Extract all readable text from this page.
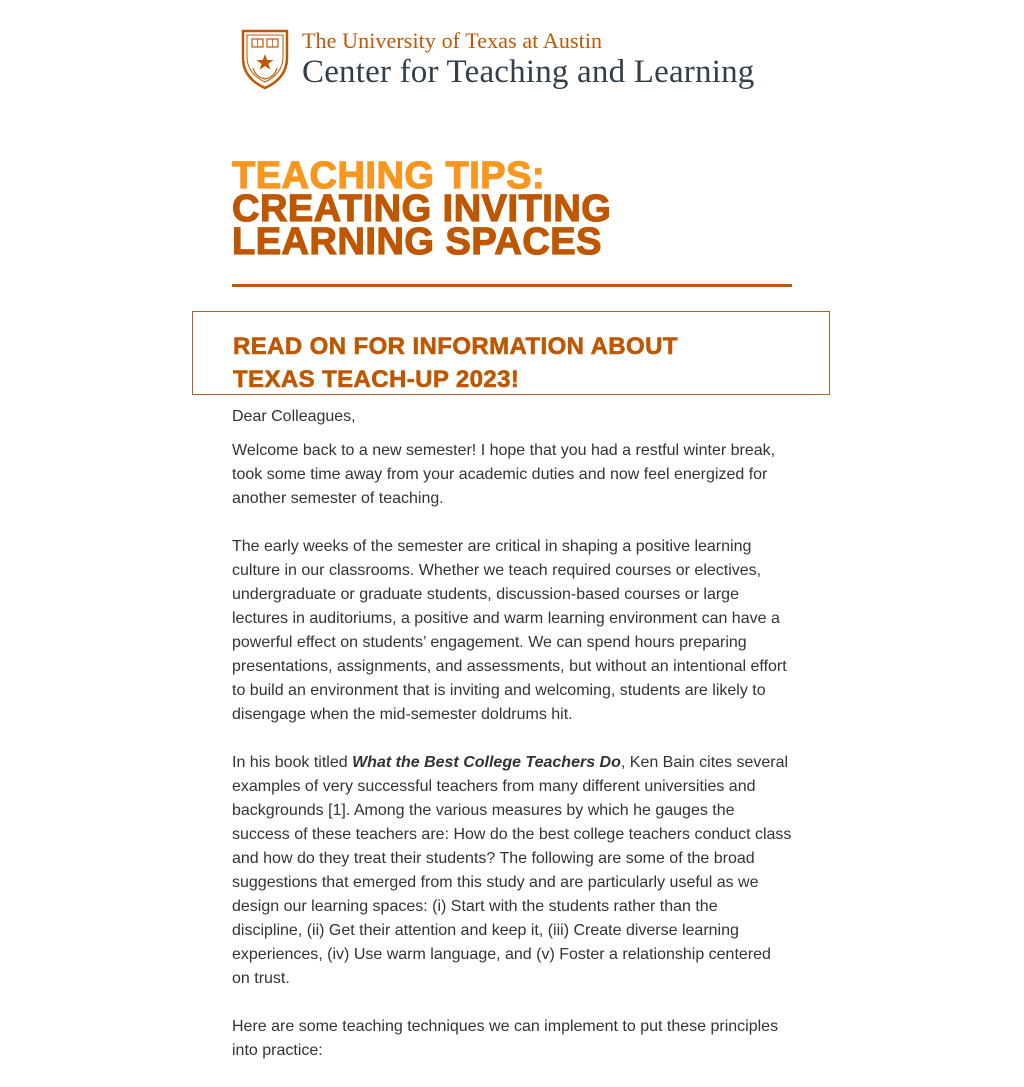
The University of Texas at Austin
Center for Teaching and Learning
TEACHING TIPS:
CREATING INVITING
LEARNING SPACES
READ ON FOR INFORMATION ABOUT
TEXAS TEACH-UP 2023!

Dear Colleagues,

Welcome back to a new semester! I hope that you had a restful winter break, took some time away from your academic duties and now feel energized for another semester of teaching.

The early weeks of the semester are critical in shaping a positive learning culture in our classrooms. Whether we teach required courses or electives, undergraduate or graduate students, discussion-based courses or large lectures in auditoriums, a positive and warm learning environment can have a powerful effect on students’ engagement. We can spend hours preparing presentations, assignments, and assessments, but without an intentional effort to build an environment that is inviting and welcoming, students are likely to disengage when the mid-semester doldrums hit.

In his book titled What the Best College Teachers Do, Ken Bain cites several examples of very successful teachers from many different universities and backgrounds [1]. Among the various measures by which he gauges the success of these teachers are: How do the best college teachers conduct class and how do they treat their students? The following are some of the broad suggestions that emerged from this study and are particularly useful as we design our learning spaces: (i) Start with the students rather than the discipline, (ii) Get their attention and keep it, (iii) Create diverse learning experiences, (iv) Use warm language, and (v) Foster a relationship centered on trust.

Here are some teaching techniques we can implement to put these principles into practice:
